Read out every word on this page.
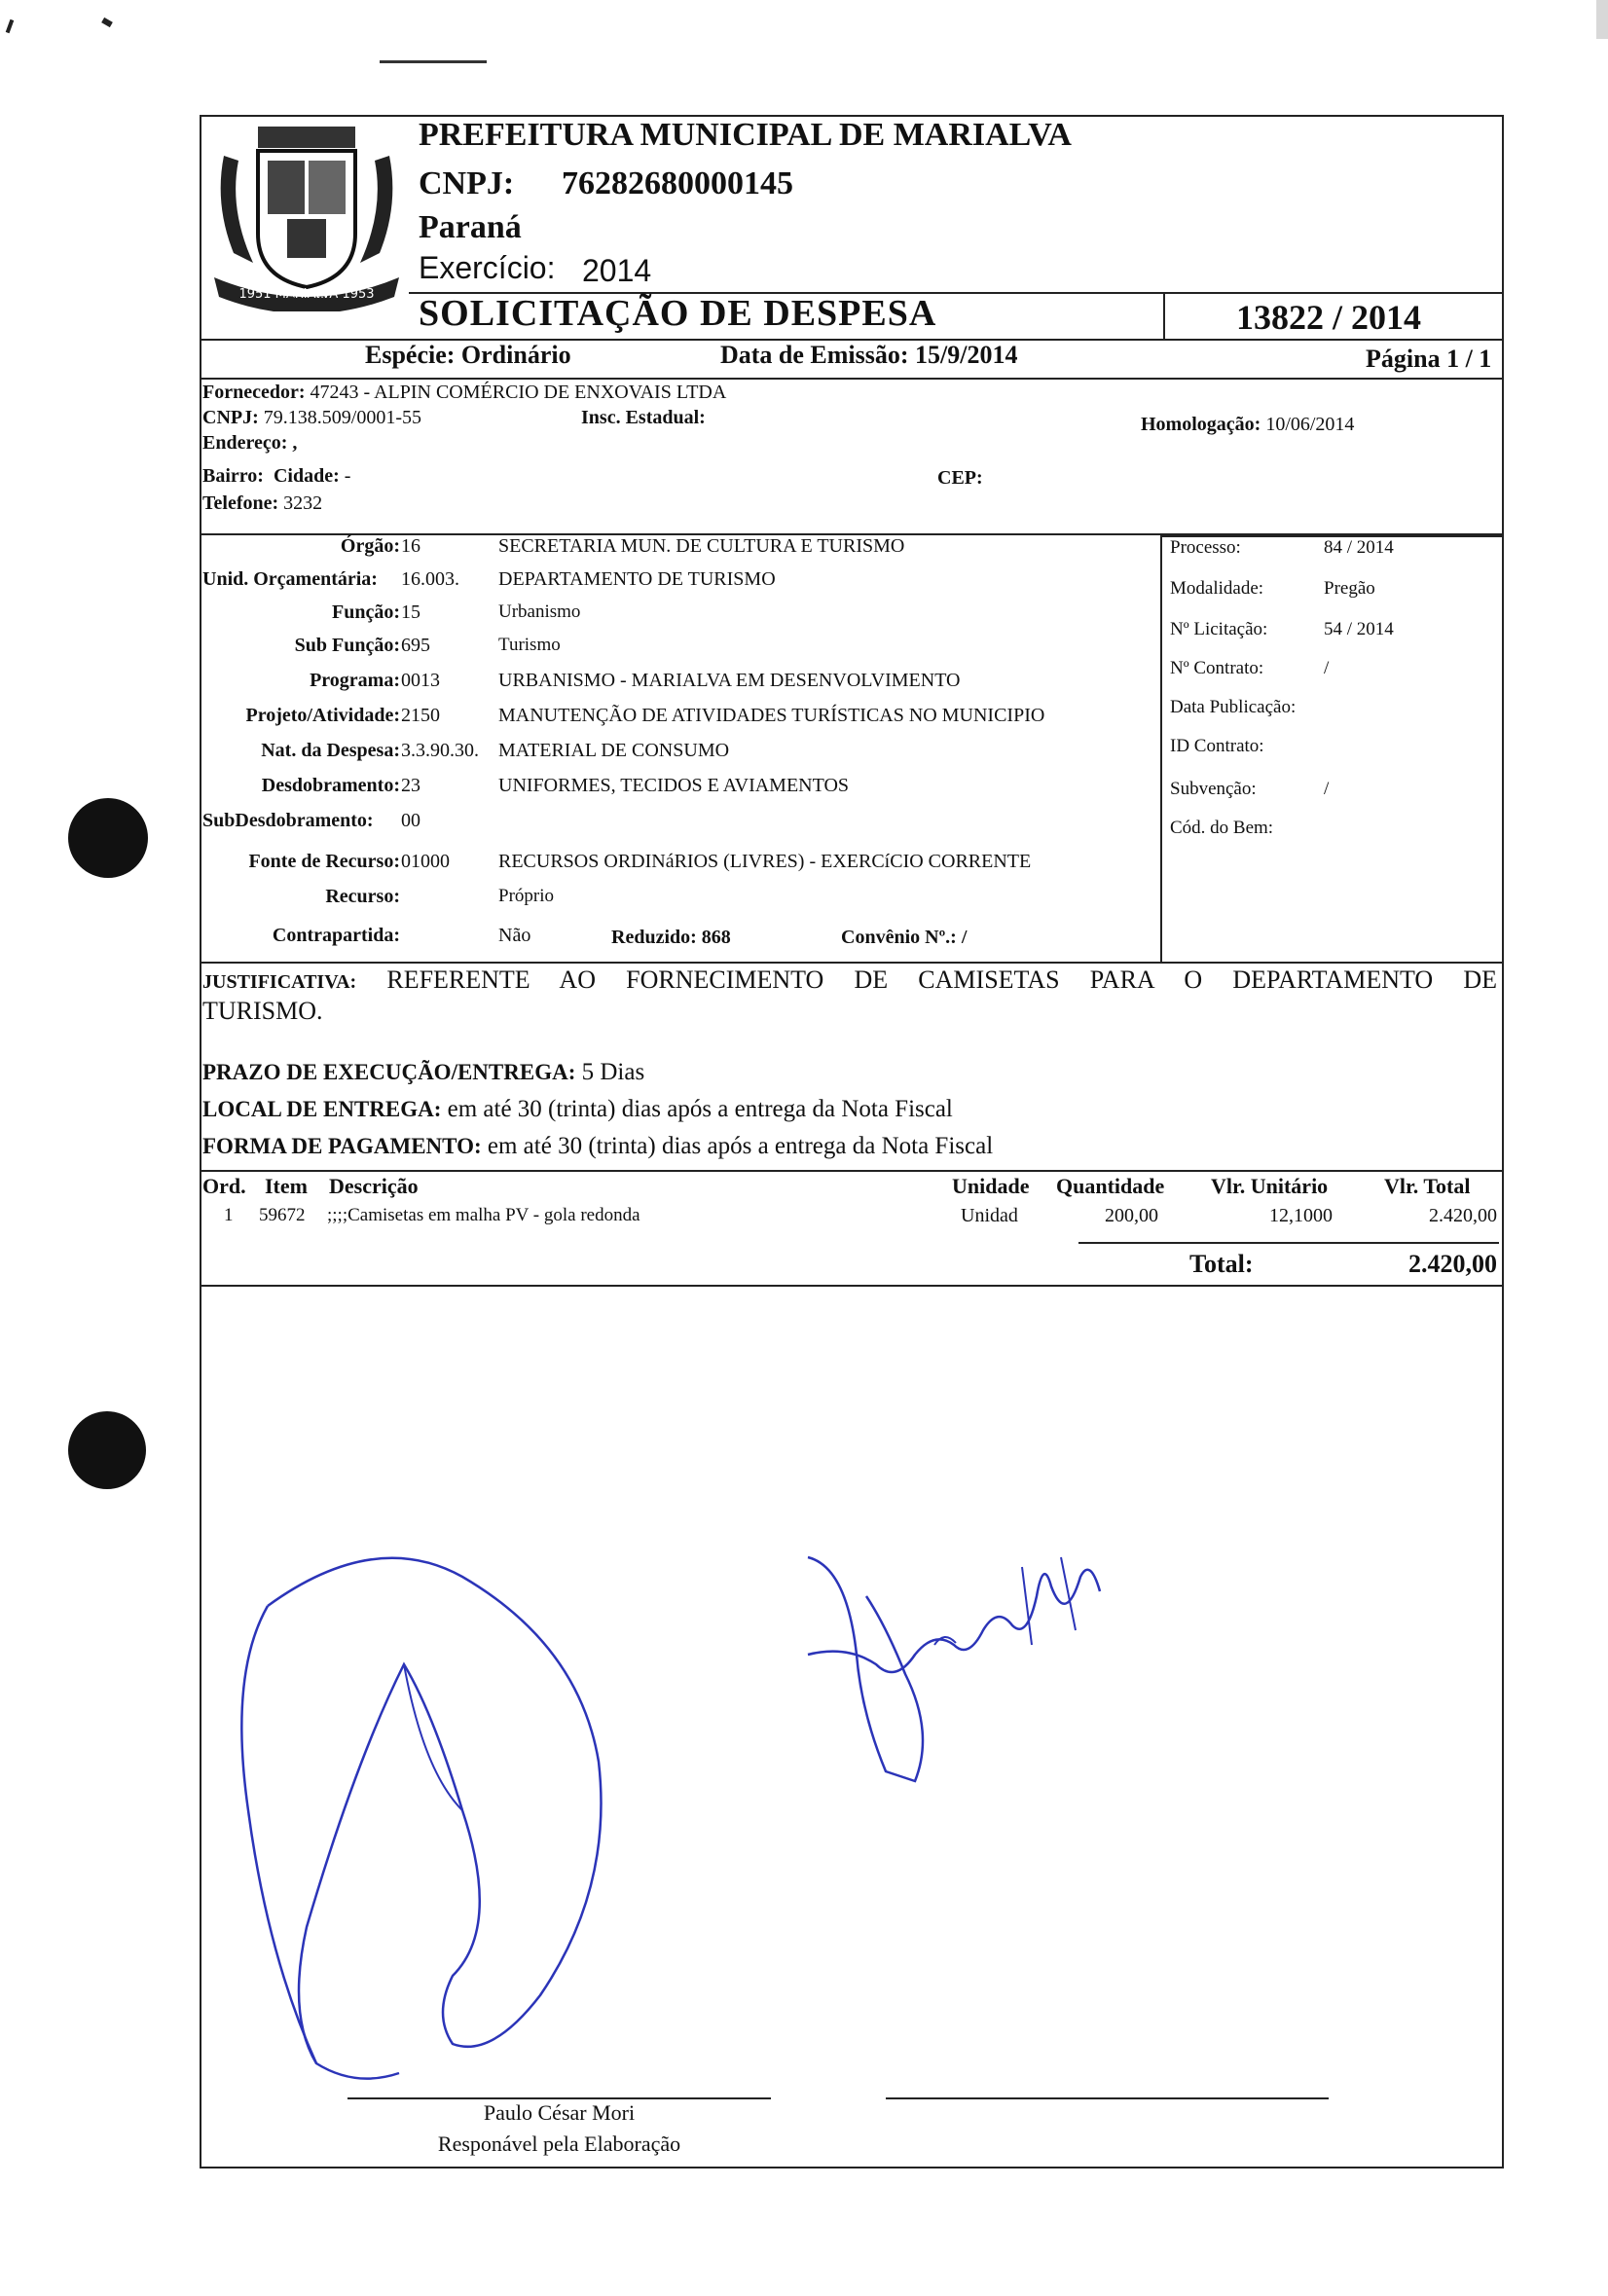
1951 MARIALVA 1953
PREFEITURA MUNICIPAL DE MARIALVA
CNPJ: 76282680000145
Paraná
Exercício: 2014
SOLICITAÇÃO DE DESPESA	13822 / 2014
Espécie: Ordinário	Data de Emissão: 15/9/2014	Página 1 / 1
Fornecedor: 47243 - ALPIN COMÉRCIO DE ENXOVAIS LTDA
CNPJ: 79.138.509/0001-55	Insc. Estadual:	Homologação: 10/06/2014
Endereço: ,
Bairro: Cidade: -	CEP:
Telefone: 3232
Órgão: 16	SECRETARIA MUN. DE CULTURA E TURISMO
Unid. Orçamentária:	16.003. DEPARTAMENTO DE TURISMO
Função: 15	Urbanismo
Sub Função: 695	Turismo
Programa: 0013	URBANISMO - MARIALVA EM DESENVOLVIMENTO
Projeto/Atividade: 2150	MANUTENÇÃO DE ATIVIDADES TURÍSTICAS NO MUNICIPIO
Nat. da Despesa: 3.3.90.30. MATERIAL DE CONSUMO
Desdobramento: 23	UNIFORMES, TECIDOS E AVIAMENTOS
SubDesdobramento:	00
Fonte de Recurso: 01000	RECURSOS ORDINáRIOS (LIVRES) - EXERCíCIO CORRENTE
Recurso:	Próprio
Contrapartida:	Não
Processo:	84 / 2014
Modalidade:	Pregão
Nº Licitação:	54 / 2014
Nº Contrato:	/
Data Publicação:
ID Contrato:
Subvenção:	/
Cód. do Bem:
Reduzido: 868	Convênio Nº.: /
JUSTIFICATIVA: REFERENTE AO FORNECIMENTO DE CAMISETAS PARA O DEPARTAMENTO DE
TURISMO.
PRAZO DE EXECUÇÃO/ENTREGA: 5 Dias
LOCAL DE ENTREGA: em até 30 (trinta) dias após a entrega da Nota Fiscal
FORMA DE PAGAMENTO: em até 30 (trinta) dias após a entrega da Nota Fiscal
Ord. Item Descrição	Unidade Quantidade Vlr. Unitário	Vlr. Total
1 59672 ;;;;Camisetas em malha PV - gola redonda	Unidad	200,00	12,1000	2.420,00
Total:	2.420,00
Paulo César Mori
Responável pela Elaboração
